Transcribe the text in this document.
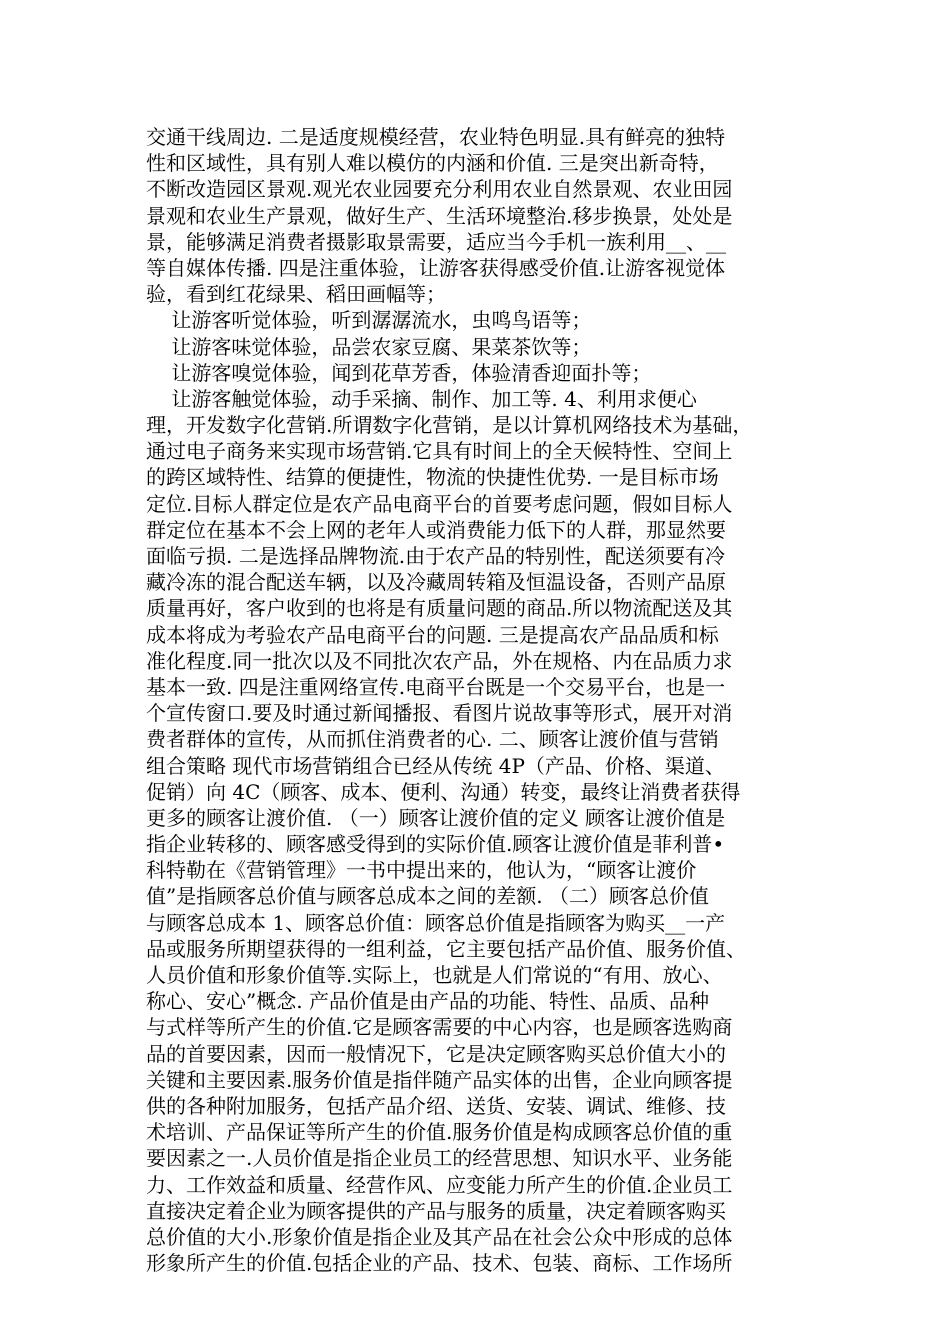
交通干线周边. 二是适度规模经营，农业特色明显.具有鲜亮的独特
性和区域性，具有别人难以模仿的内涵和价值. 三是突出新奇特，
不断改造园区景观.观光农业园要充分利用农业自然景观、农业田园
景观和农业生产景观，做好生产、生活环境整治.移步换景，处处是
景，能够满足消费者摄影取景需要，适应当今手机一族利用__、__
等自媒体传播. 四是注重体验，让游客获得感受价值.让游客视觉体
验，看到红花绿果、稻田画幅等；
让游客听觉体验，听到潺潺流水，虫鸣鸟语等；
让游客味觉体验，品尝农家豆腐、果菜茶饮等；
让游客嗅觉体验，闻到花草芳香，体验清香迎面扑等；
让游客触觉体验，动手采摘、制作、加工等. 4、利用求便心
理，开发数字化营销.所谓数字化营销，是以计算机网络技术为基础，
通过电子商务来实现市场营销.它具有时间上的全天候特性、空间上
的跨区域特性、结算的便捷性，物流的快捷性优势. 一是目标市场
定位.目标人群定位是农产品电商平台的首要考虑问题，假如目标人
群定位在基本不会上网的老年人或消费能力低下的人群，那显然要
面临亏损. 二是选择品牌物流.由于农产品的特别性，配送须要有冷
藏冷冻的混合配送车辆，以及冷藏周转箱及恒温设备，否则产品原
质量再好，客户收到的也将是有质量问题的商品.所以物流配送及其
成本将成为考验农产品电商平台的问题. 三是提高农产品品质和标
准化程度.同一批次以及不同批次农产品，外在规格、内在品质力求
基本一致. 四是注重网络宣传.电商平台既是一个交易平台，也是一
个宣传窗口.要及时通过新闻播报、看图片说故事等形式，展开对消
费者群体的宣传，从而抓住消费者的心. 二、顾客让渡价值与营销
组合策略 现代市场营销组合已经从传统 4P（产品、价格、渠道、
促销）向 4C（顾客、成本、便利、沟通）转变，最终让消费者获得
更多的顾客让渡价值. （一）顾客让渡价值的定义 顾客让渡价值是
指企业转移的、顾客感受得到的实际价值.顾客让渡价值是菲利普•
科特勒在《营销管理》一书中提出来的，他认为，“顾客让渡价
值”是指顾客总价值与顾客总成本之间的差额. （二）顾客总价值
与顾客总成本 1、顾客总价值：顾客总价值是指顾客为购买__一产
品或服务所期望获得的一组利益，它主要包括产品价值、服务价值、
人员价值和形象价值等.实际上，也就是人们常说的“有用、放心、
称心、安心”概念. 产品价值是由产品的功能、特性、品质、品种
与式样等所产生的价值.它是顾客需要的中心内容，也是顾客选购商
品的首要因素，因而一般情况下，它是决定顾客购买总价值大小的
关键和主要因素.服务价值是指伴随产品实体的出售，企业向顾客提
供的各种附加服务，包括产品介绍、送货、安装、调试、维修、技
术培训、产品保证等所产生的价值.服务价值是构成顾客总价值的重
要因素之一.人员价值是指企业员工的经营思想、知识水平、业务能
力、工作效益和质量、经营作风、应变能力所产生的价值.企业员工
直接决定着企业为顾客提供的产品与服务的质量，决定着顾客购买
总价值的大小.形象价值是指企业及其产品在社会公众中形成的总体
形象所产生的价值.包括企业的产品、技术、包装、商标、工作场所
